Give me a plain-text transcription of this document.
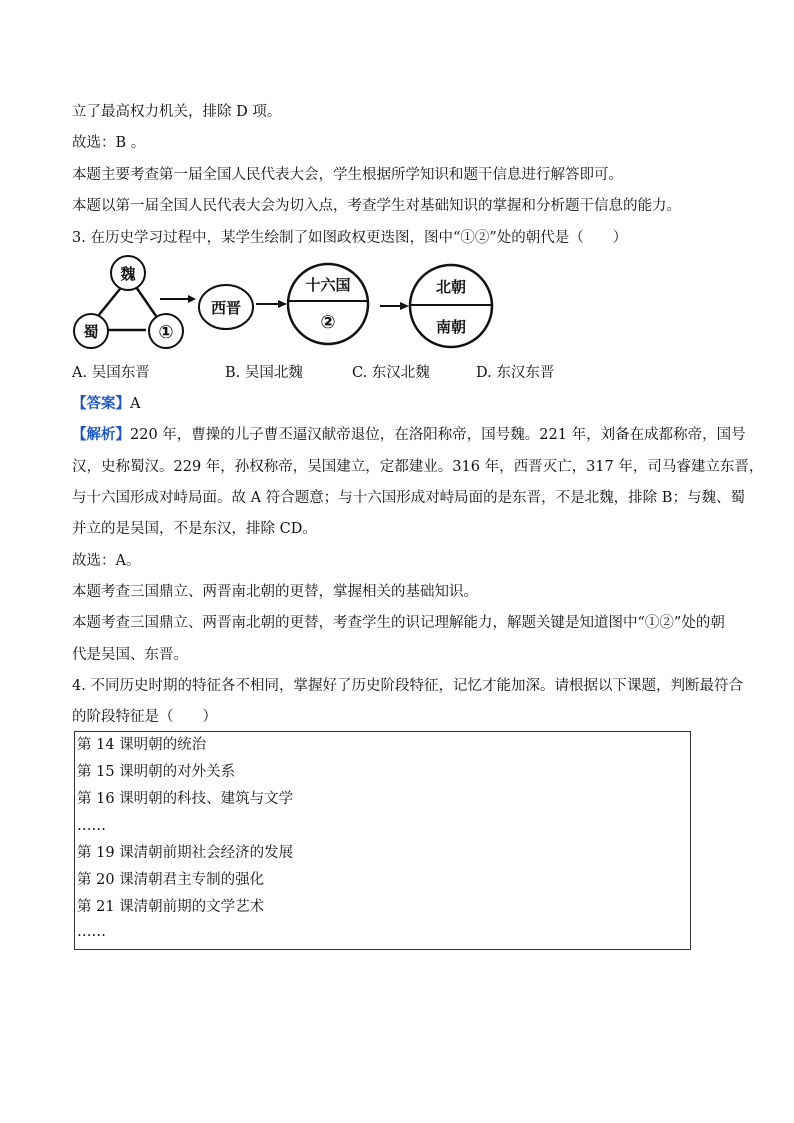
立了最高权力机关，排除 D 项。
故选：B 。
本题主要考查第一届全国人民代表大会，学生根据所学知识和题干信息进行解答即可。
本题以第一届全国人民代表大会为切入点，考查学生对基础知识的掌握和分析题干信息的能力。
3. 在历史学习过程中，某学生绘制了如图政权更迭图，图中“①②”处的朝代是（　　）
魏
蜀	①
西晋
十六国
②
北朝
南朝
A. 吴国东晋	B. 吴国北魏	C. 东汉北魏	D. 东汉东晋
【答案】A
【解析】220 年，曹操的儿子曹丕逼汉献帝退位，在洛阳称帝，国号魏。221 年，刘备在成都称帝，国号
汉，史称蜀汉。229 年，孙权称帝，吴国建立，定都建业。316 年，西晋灭亡，317 年，司马睿建立东晋，
与十六国形成对峙局面。故 A 符合题意；与十六国形成对峙局面的是东晋，不是北魏，排除 B；与魏、蜀
并立的是吴国，不是东汉，排除 CD。
故选：A。
本题考查三国鼎立、两晋南北朝的更替，掌握相关的基础知识。
本题考查三国鼎立、两晋南北朝的更替，考查学生的识记理解能力，解题关键是知道图中“①②”处的朝
代是吴国、东晋。
4. 不同历史时期的特征各不相同，掌握好了历史阶段特征，记忆才能加深。请根据以下课题，判断最符合
的阶段特征是（　　）
第 14 课明朝的统治
第 15 课明朝的对外关系
第 16 课明朝的科技、建筑与文学
……
第 19 课清朝前期社会经济的发展
第 20 课清朝君主专制的强化
第 21 课清朝前期的文学艺术
……
